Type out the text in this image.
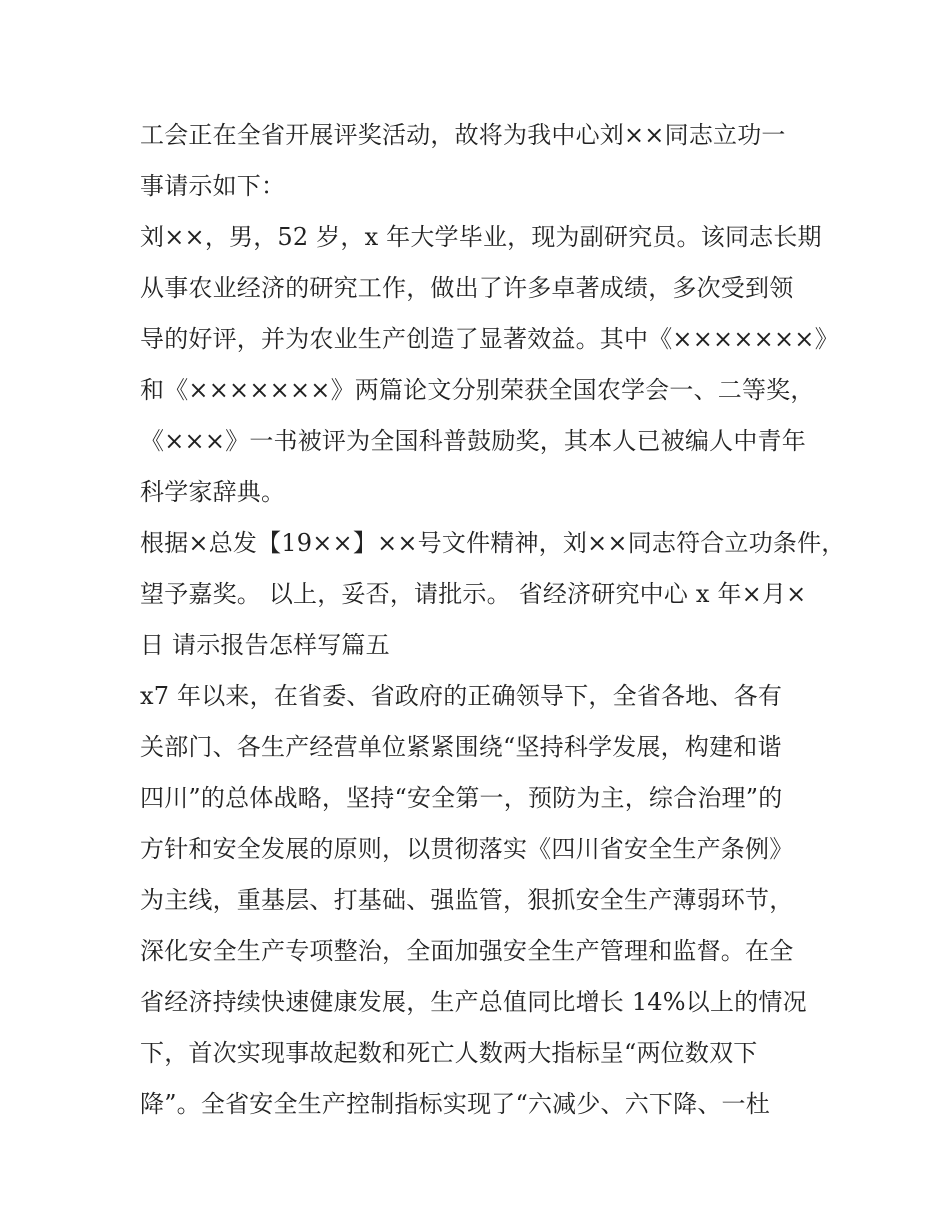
工会正在全省开展评奖活动，故将为我中心刘××同志立功一
事请示如下：
刘××，男，52 岁，x 年大学毕业，现为副研究员。该同志长期
从事农业经济的研究工作，做出了许多卓著成绩，多次受到领
导的好评，并为农业生产创造了显著效益。其中《×××××××》
和《×××××××》两篇论文分别荣获全国农学会一、二等奖，
《×××》一书被评为全国科普鼓励奖，其本人已被编人中青年
科学家辞典。
根据×总发【19××】××号文件精神，刘××同志符合立功条件，
望予嘉奖。 以上，妥否，请批示。 省经济研究中心 x 年×月×
日 请示报告怎样写篇五
x7 年以来，在省委、省政府的正确领导下，全省各地、各有
关部门、各生产经营单位紧紧围绕“坚持科学发展，构建和谐
四川”的总体战略，坚持“安全第一，预防为主，综合治理”的
方针和安全发展的原则，以贯彻落实《四川省安全生产条例》
为主线，重基层、打基础、强监管，狠抓安全生产薄弱环节，
深化安全生产专项整治，全面加强安全生产管理和监督。在全
省经济持续快速健康发展，生产总值同比增长 14%以上的情况
下，首次实现事故起数和死亡人数两大指标呈“两位数双下
降”。全省安全生产控制指标实现了“六减少、六下降、一杜
